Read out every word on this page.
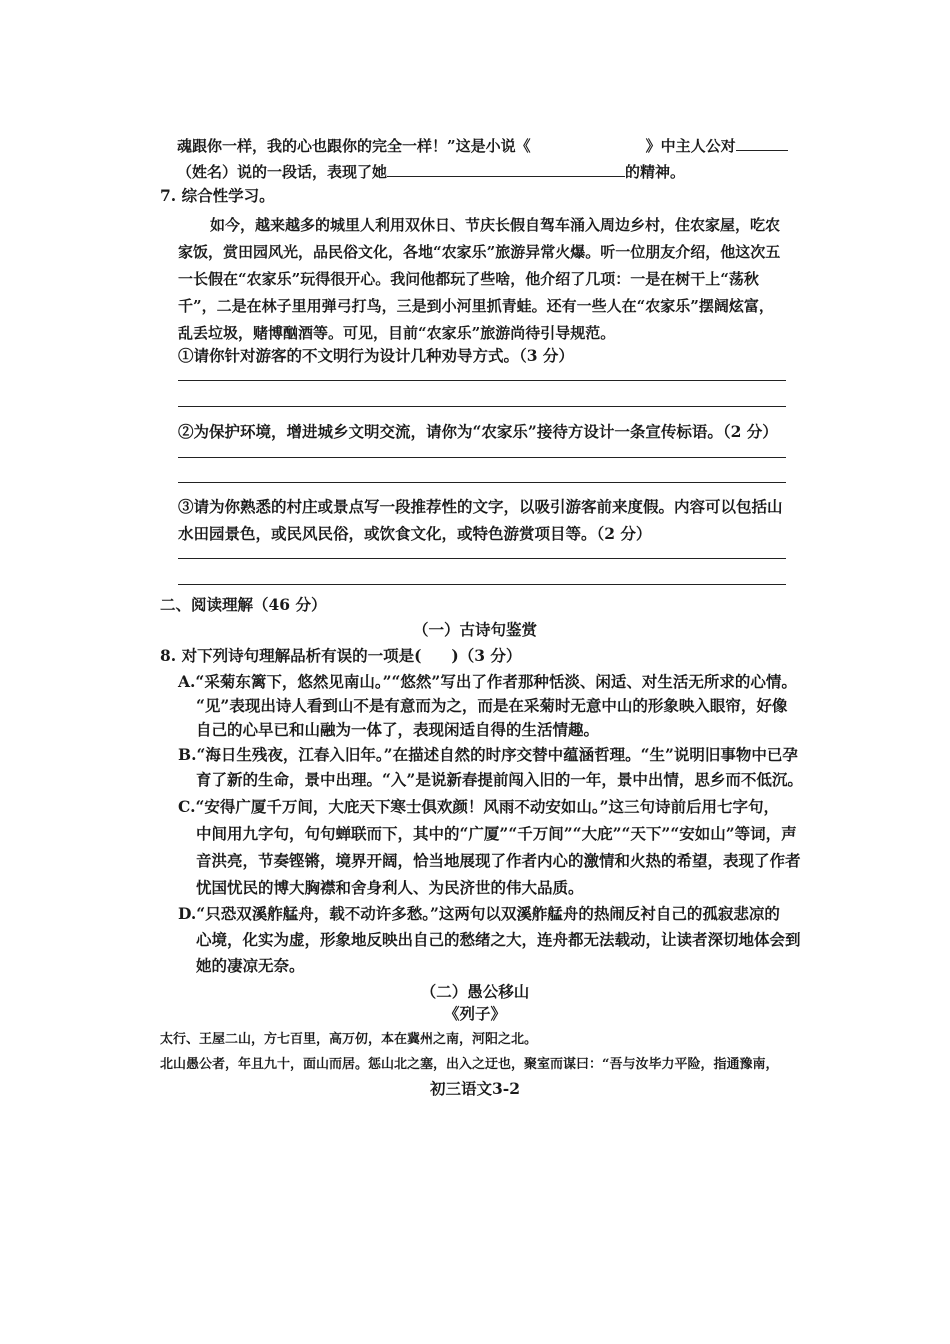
魂跟你一样，我的心也跟你的完全一样！”这是小说《	》中主人公对
（姓名）说的一段话，表现了她	的精神。
7. 综合性学习。
如今，越来越多的城里人利用双休日、节庆长假自驾车涌入周边乡村，住农家屋，吃农
家饭，赏田园风光，品民俗文化，各地“农家乐”旅游异常火爆。听一位朋友介绍，他这次五
一长假在“农家乐”玩得很开心。我问他都玩了些啥，他介绍了几项：一是在树干上“荡秋
千”，二是在林子里用弹弓打鸟，三是到小河里抓青蛙。还有一些人在“农家乐”摆阔炫富，
乱丢垃圾，赌博酗酒等。可见，目前“农家乐”旅游尚待引导规范。
①请你针对游客的不文明行为设计几种劝导方式。（3 分）
②为保护环境，增进城乡文明交流，请你为“农家乐”接待方设计一条宣传标语。（2 分）
③请为你熟悉的村庄或景点写一段推荐性的文字，以吸引游客前来度假。内容可以包括山
水田园景色，或民风民俗，或饮食文化，或特色游赏项目等。（2 分）
二、阅读理解（46 分）
（一）古诗句鉴赏
8. 对下列诗句理解品析有误的一项是( )（3 分）
A.“采菊东篱下，悠然见南山。”“悠然”写出了作者那种恬淡、闲适、对生活无所求的心情。
“见”表现出诗人看到山不是有意而为之，而是在采菊时无意中山的形象映入眼帘，好像
自己的心早已和山融为一体了，表现闲适自得的生活情趣。
B.“海日生残夜，江春入旧年。”在描述自然的时序交替中蕴涵哲理。“生”说明旧事物中已孕
育了新的生命，景中出理。“入”是说新春提前闯入旧的一年，景中出情，思乡而不低沉。
C.“安得广厦千万间，大庇天下寒士俱欢颜！风雨不动安如山。”这三句诗前后用七字句，
中间用九字句，句句蝉联而下，其中的“广厦”“千万间”“大庇”“天下”“安如山”等词，声
音洪亮，节奏铿锵，境界开阔，恰当地展现了作者内心的激情和火热的希望，表现了作者
忧国忧民的博大胸襟和舍身利人、为民济世的伟大品质。
D.“只恐双溪舴艋舟，载不动许多愁。”这两句以双溪舴艋舟的热闹反衬自己的孤寂悲凉的
心境，化实为虚，形象地反映出自己的愁绪之大，连舟都无法载动，让读者深切地体会到
她的凄凉无奈。
（二）愚公移山
《列子》
太行、王屋二山，方七百里，高万仞，本在冀州之南，河阳之北。
北山愚公者，年且九十，面山而居。惩山北之塞，出入之迂也，聚室而谋曰：“吾与汝毕力平险，指通豫南，
初三语文3-2
